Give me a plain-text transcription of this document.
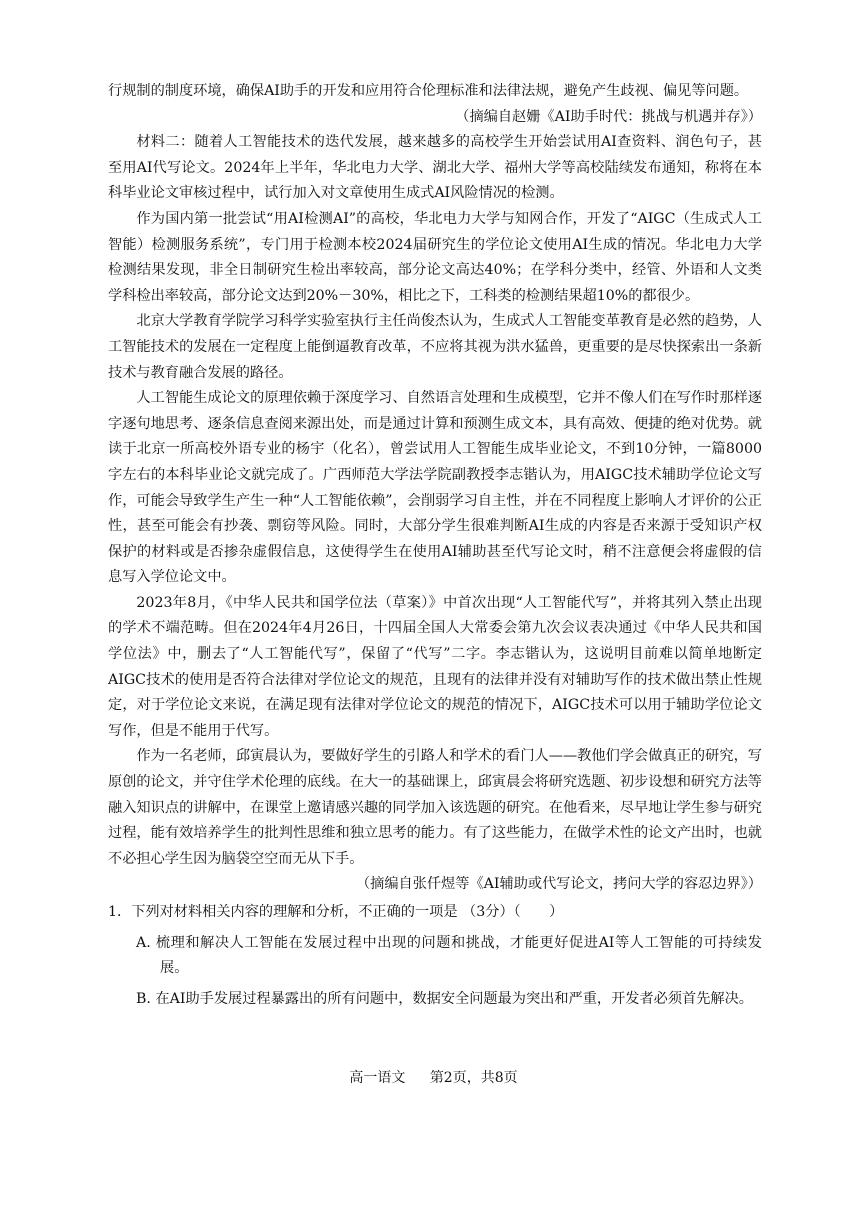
行规制的制度环境，确保AI助手的开发和应用符合伦理标准和法律法规，避免产生歧视、偏见等问题。

（摘编自赵姗《AI助手时代：挑战与机遇并存》）

材料二：随着人工智能技术的迭代发展，越来越多的高校学生开始尝试用AI查资料、润色句子，甚至用AI代写论文。2024年上半年，华北电力大学、湖北大学、福州大学等高校陆续发布通知，称将在本科毕业论文审核过程中，试行加入对文章使用生成式AI风险情况的检测。

作为国内第一批尝试“用AI检测AI”的高校，华北电力大学与知网合作，开发了“AIGC（生成式人工智能）检测服务系统”，专门用于检测本校2024届研究生的学位论文使用AI生成的情况。华北电力大学检测结果发现，非全日制研究生检出率较高，部分论文高达40%；在学科分类中，经管、外语和人文类学科检出率较高，部分论文达到20%－30%，相比之下，工科类的检测结果超10%的都很少。

北京大学教育学院学习科学实验室执行主任尚俊杰认为，生成式人工智能变革教育是必然的趋势，人工智能技术的发展在一定程度上能倒逼教育改革，不应将其视为洪水猛兽，更重要的是尽快探索出一条新技术与教育融合发展的路径。

人工智能生成论文的原理依赖于深度学习、自然语言处理和生成模型，它并不像人们在写作时那样逐字逐句地思考、逐条信息查阅来源出处，而是通过计算和预测生成文本，具有高效、便捷的绝对优势。就读于北京一所高校外语专业的杨宇（化名），曾尝试用人工智能生成毕业论文，不到10分钟，一篇8000字左右的本科毕业论文就完成了。广西师范大学法学院副教授李志锴认为，用AIGC技术辅助学位论文写作，可能会导致学生产生一种“人工智能依赖”，会削弱学习自主性，并在不同程度上影响人才评价的公正性，甚至可能会有抄袭、剽窃等风险。同时，大部分学生很难判断AI生成的内容是否来源于受知识产权保护的材料或是否掺杂虚假信息，这使得学生在使用AI辅助甚至代写论文时，稍不注意便会将虚假的信息写入学位论文中。

2023年8月，《中华人民共和国学位法（草案）》中首次出现“人工智能代写”，并将其列入禁止出现的学术不端范畴。但在2024年4月26日，十四届全国人大常委会第九次会议表决通过《中华人民共和国学位法》中，删去了“人工智能代写”，保留了“代写”二字。李志锴认为，这说明目前难以简单地断定AIGC技术的使用是否符合法律对学位论文的规范，且现有的法律并没有对辅助写作的技术做出禁止性规定，对于学位论文来说，在满足现有法律对学位论文的规范的情况下，AIGC技术可以用于辅助学位论文写作，但是不能用于代写。

作为一名老师，邱寅晨认为，要做好学生的引路人和学术的看门人——教他们学会做真正的研究，写原创的论文，并守住学术伦理的底线。在大一的基础课上，邱寅晨会将研究选题、初步设想和研究方法等融入知识点的讲解中，在课堂上邀请感兴趣的同学加入该选题的研究。在他看来，尽早地让学生参与研究过程，能有效培养学生的批判性思维和独立思考的能力。有了这些能力，在做学术性的论文产出时，也就不必担心学生因为脑袋空空而无从下手。

（摘编自张仟煜等《AI辅助或代写论文，拷问大学的容忍边界》）

1．下列对材料相关内容的理解和分析，不正确的一项是 （3分）（　　）

A. 梳理和解决人工智能在发展过程中出现的问题和挑战，才能更好促进AI等人工智能的可持续发展。

B. 在AI助手发展过程暴露出的所有问题中，数据安全问题最为突出和严重，开发者必须首先解决。

高一语文 第2页，共8页
